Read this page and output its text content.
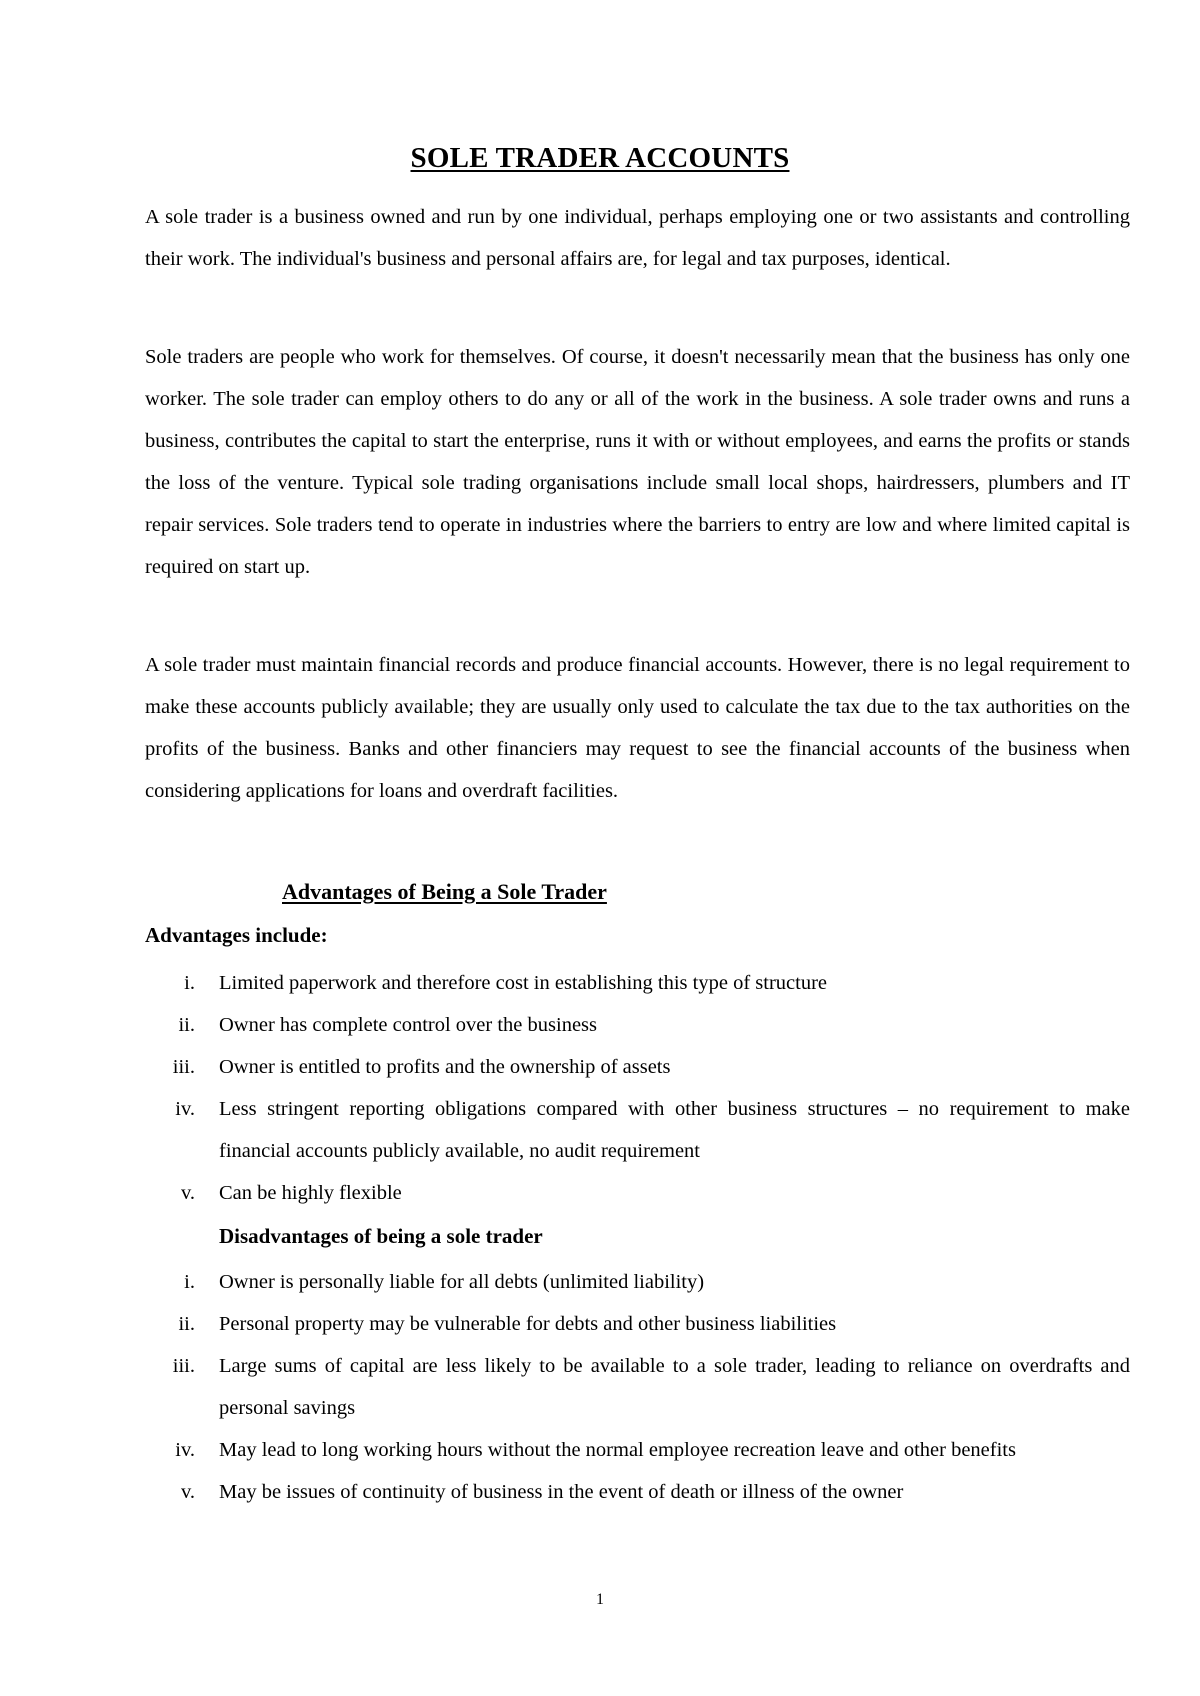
SOLE TRADER ACCOUNTS

A sole trader is a business owned and run by one individual, perhaps employing one or two assistants and controlling their work. The individual's business and personal affairs are, for legal and tax purposes, identical.

Sole traders are people who work for themselves. Of course, it doesn't necessarily mean that the business has only one worker. The sole trader can employ others to do any or all of the work in the business. A sole trader owns and runs a business, contributes the capital to start the enterprise, runs it with or without employees, and earns the profits or stands the loss of the venture. Typical sole trading organisations include small local shops, hairdressers, plumbers and IT repair services. Sole traders tend to operate in industries where the barriers to entry are low and where limited capital is required on start up.

A sole trader must maintain financial records and produce financial accounts. However, there is no legal requirement to make these accounts publicly available; they are usually only used to calculate the tax due to the tax authorities on the profits of the business. Banks and other financiers may request to see the financial accounts of the business when considering applications for loans and overdraft facilities.

Advantages of Being a Sole Trader
Advantages include:
i. Limited paperwork and therefore cost in establishing this type of structure
ii. Owner has complete control over the business
iii. Owner is entitled to profits and the ownership of assets
iv. Less stringent reporting obligations compared with other business structures – no requirement to make financial accounts publicly available, no audit requirement
v. Can be highly flexible
Disadvantages of being a sole trader
i. Owner is personally liable for all debts (unlimited liability)
ii. Personal property may be vulnerable for debts and other business liabilities
iii. Large sums of capital are less likely to be available to a sole trader, leading to reliance on overdrafts and personal savings
iv. May lead to long working hours without the normal employee recreation leave and other benefits
v. May be issues of continuity of business in the event of death or illness of the owner
1
